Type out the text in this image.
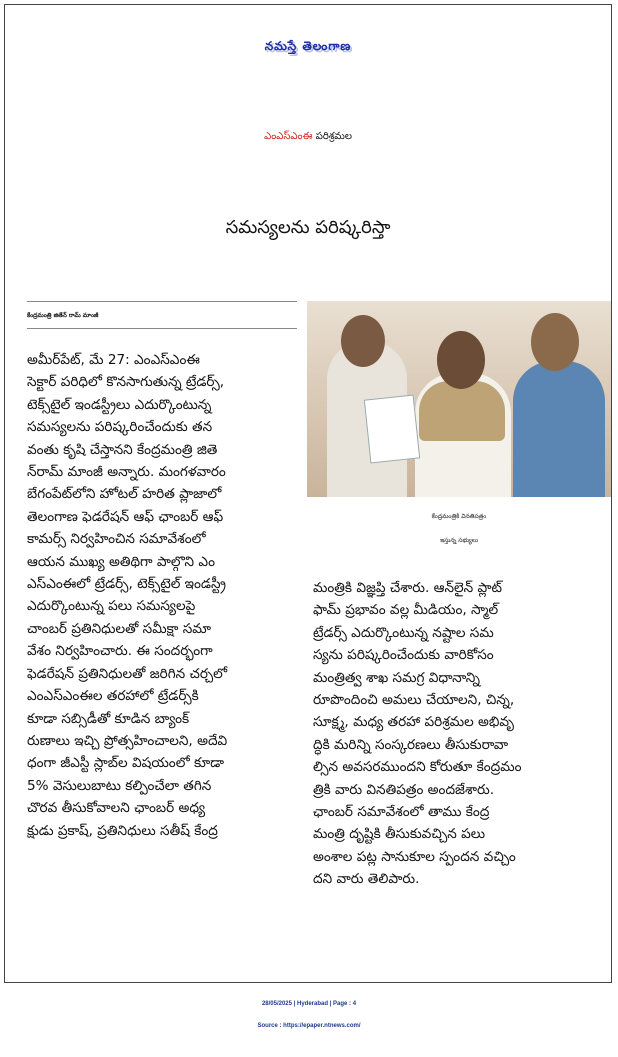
నమస్తే తెలంగాణ
ఎంఎస్ఎంఈ పరిశ్రమల
సమస్యలను పరిష్కరిస్తా
కేంద్రమంత్రి జితేన్ రామ్ మాంజీ
కేంద్రమంత్రికి వినతిపత్రం
ఇస్తున్న సభ్యులు
అమీర్‌పేట్, మే 27: ఎంఎస్ఎంఈ
సెక్టార్ పరిధిలో కొనసాగుతున్న ట్రేడర్స్,
టెక్స్‌టైల్ ఇండస్ట్రీలు ఎదుర్కొంటున్న
సమస్యలను పరిష్కరించేందుకు తన
వంతు కృషి చేస్తానని కేంద్రమంత్రి జితె
న్‌రామ్ మాంజీ అన్నారు. మంగళవారం
బేగంపేట్‌లోని హోటల్ హరిత ప్లాజాలో
తెలంగాణ ఫెడరేషన్ ఆఫ్ ఛాంబర్ ఆఫ్
కామర్స్ నిర్వహించిన సమావేశంలో
ఆయన ముఖ్య అతిథిగా పాల్గొని ఎం
ఎస్ఎంఈలో ట్రేడర్స్, టెక్స్‌టైల్ ఇండస్ట్రీ
ఎదుర్కొంటున్న పలు సమస్యలపై
చాంబర్ ప్రతినిధులతో సమీక్షా సమా
వేశం నిర్వహించారు. ఈ సందర్భంగా
ఫెడరేషన్ ప్రతినిధులతో జరిగిన చర్చలో
ఎంఎస్ఎంఈల తరహాలో ట్రేడర్స్‌కి
కూడా సబ్సిడీతో కూడిన బ్యాంక్
రుణాలు ఇచ్చి ప్రోత్సహించాలని, అదేవి
ధంగా జీఎస్టీ స్లాబ్‌ల విషయంలో కూడా
5% వెసులుబాటు కల్పించేలా తగిన
చొరవ తీసుకోవాలని ఛాంబర్ అధ్య
క్షుడు ప్రకాష్, ప్రతినిధులు సతీష్ కేంద్ర
మంత్రికి విజ్ఞప్తి చేశారు. ఆన్‌లైన్ ప్లాట్
ఫామ్ ప్రభావం వల్ల మీడియం, స్మాల్
ట్రేడర్స్ ఎదుర్కొంటున్న నష్టాల సమ
స్యను పరిష్కరించేందుకు వారికోసం
మంత్రిత్వ శాఖ సమగ్ర విధానాన్ని
రూపొందించి అమలు చేయాలని, చిన్న,
సూక్ష్మ, మధ్య తరహా పరిశ్రమల అభివృ
ద్ధికి మరిన్ని సంస్కరణలు తీసుకురావా
ల్సిన అవసరముందని కోరుతూ కేంద్రమం
త్రికి వారు వినతిపత్రం అందజేశారు.
ఛాంబర్ సమావేశంలో తాము కేంద్ర
మంత్రి దృష్టికి తీసుకువచ్చిన పలు
అంశాల పట్ల సానుకూల స్పందన వచ్చిం
దని వారు తెలిపారు.
28/05/2025 | Hyderabad | Page : 4
Source : https://epaper.ntnews.com/
